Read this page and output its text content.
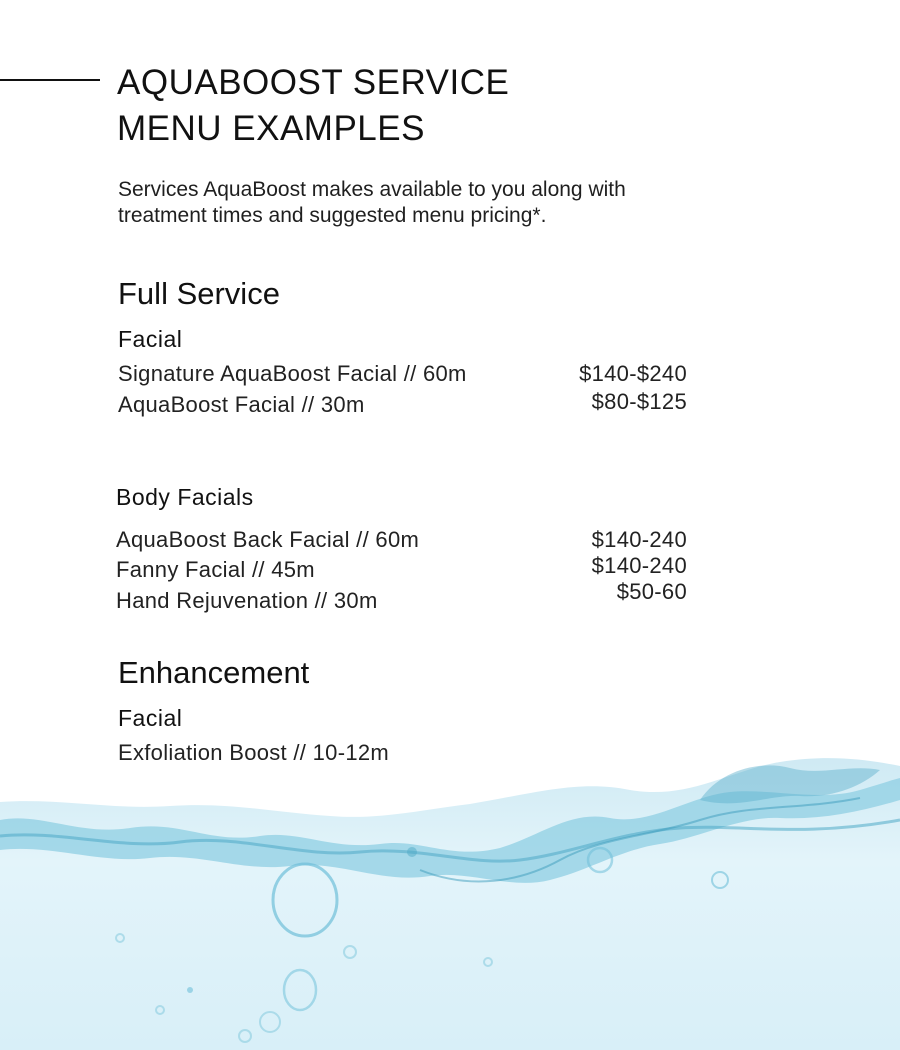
AQUABOOST SERVICE
MENU EXAMPLES

Services AquaBoost makes available to you along with
treatment times and suggested menu pricing*.

Full Service
Facial
Signature AquaBoost Facial // 60m	$140-$240
AquaBoost Facial // 30m	$80-$125
Body Facials
AquaBoost Back Facial // 60m	$140-240
Fanny Facial // 45m	$140-240
Hand Rejuvenation // 30m	$50-60
Enhancement
Facial
Exfoliation Boost // 10-12m
